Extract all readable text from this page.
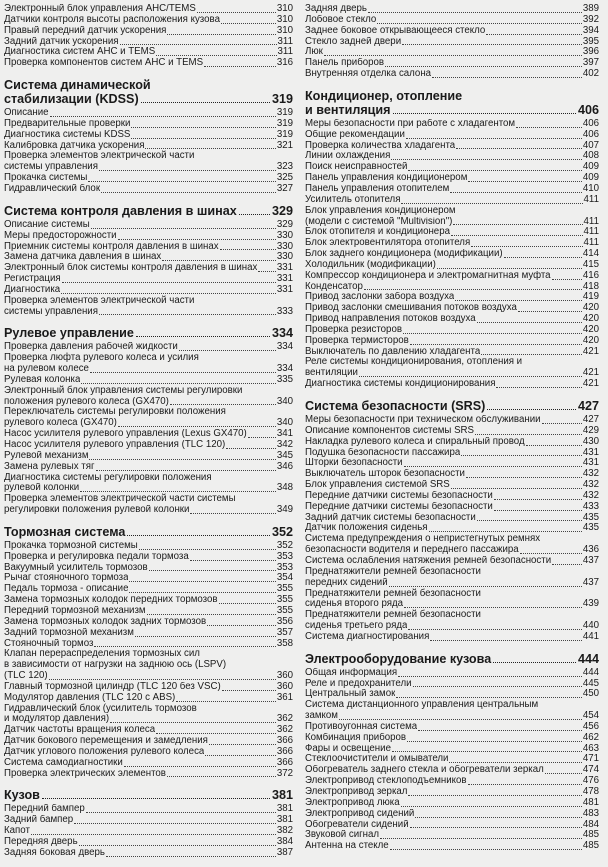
Электронный блок управления AHC/TEMS	310
Датчики контроля высоты расположения кузова	310
Правый передний датчик ускорения	310
Задний датчик ускорения	311
Диагностика систем AHC и TEMS	311
Проверка компонентов систем AHC и TEMS	316
Система динамической
стабилизации (KDSS)	319
Описание	319
Предварительные проверки	319
Диагностика системы KDSS	319
Калибровка датчика ускорения	321
Проверка элементов электрической части
системы управления	323
Прокачка системы	325
Гидравлический блок	327
Система контроля давления в шинах	329
Описание системы	329
Меры предосторожности	330
Приемник системы контроля давления в шинах	330
Замена датчика давления в шинах	330
Электронный блок системы контроля давления в шинах 331
Регистрация	331
Диагностика	331
Проверка элементов электрической части
системы управления	333
Рулевое управление	334
Проверка давления рабочей жидкости	334
Проверка люфта рулевого колеса и усилия
на рулевом колесе	334
Рулевая колонка	335
Электронный блок управления системы регулировки
положения рулевого колеса (GX470)	340
Переключатель системы регулировки положения
рулевого колеса (GX470)	340
Насос усилителя рулевого управления (Lexus GX470)	341
Насос усилителя рулевого управления (TLC 120)	342
Рулевой механизм	345
Замена рулевых тяг	346
Диагностика системы регулировки положения
рулевой колонки	348
Проверка элементов электрической части системы
регулировки положения рулевой колонки	349
Тормозная система	352
Прокачка тормозной системы	352
Проверка и регулировка педали тормоза	353
Вакуумный усилитель тормозов	353
Рычаг стояночного тормоза	354
Педаль тормоза - описание	355
Замена тормозных колодок передних тормозов	355
Передний тормозной механизм	355
Замена тормозных колодок задних тормозов	356
Задний тормозной механизм	357
Стояночный тормоз	358
Клапан перераспределения тормозных сил
в зависимости от нагрузки на заднюю ось (LSPV)
(TLC 120)	360
Главный тормозной цилиндр (TLC 120 без VSC)	360
Модулятор давления (TLC 120 с ABS)	361
Гидравлический блок (усилитель тормозов
и модулятор давления)	362
Датчик частоты вращения колеса	362
Датчик бокового перемещения и замедления	366
Датчик углового положения рулевого колеса	366
Система самодиагностики	366
Проверка электрических элементов	372
Кузов	381
Передний бампер	381
Задний бампер	381
Капот	382
Передняя дверь	384
Задняя боковая дверь	387
Задняя дверь	389
Лобовое стекло	392
Заднее боковое открывающееся стекло	394
Стекло задней двери	395
Люк	396
Панель приборов	397
Внутренняя отделка салона	402
Кондиционер, отопление
и вентиляция	406
Меры безопасности при работе с хладагентом	406
Общие рекомендации	406
Проверка количества хладагента	407
Линии охлаждения	408
Поиск неисправностей	409
Панель управления кондиционером	409
Панель управления отопителем	410
Усилитель отопителя	411
Блок управления кондиционером
(модели с системой "Multivision")	411
Блок отопителя и кондиционера	411
Блок электровентилятора отопителя	411
Блок заднего кондиционера (модификации)	414
Холодильник (модификации)	415
Компрессор кондиционера и электромагнитная муфта	416
Конденсатор	418
Привод заслонки забора воздуха	419
Привод заслонки смешивания потоков воздуха	420
Привод направления потоков воздуха	420
Проверка резисторов	420
Проверка термисторов	420
Выключатель по давлению хладагента	421
Реле системы кондиционирования, отопления и
вентиляции	421
Диагностика системы кондиционирования	421
Система безопасности (SRS)	427
Меры безопасности при техническом обслуживании	427
Описание компонентов системы SRS	429
Накладка рулевого колеса и спиральный провод	430
Подушка безопасности пассажира	431
Шторки безопасности	431
Выключатель шторок безопасности	432
Блок управления системой SRS	432
Передние датчики системы безопасности	432
Передние датчики системы безопасности	433
Задний датчик системы безопасности	435
Датчик положения сиденья	435
Система предупреждения о непристегнутых ремнях
безопасности водителя и переднего пассажира	436
Система ослабления натяжения ремней безопасности	437
Преднатяжители ремней безопасности
передних сидений	437
Преднатяжители ремней безопасности
сиденья второго ряда	439
Преднатяжители ремней безопасности
сиденья третьего ряда	440
Система диагностирования	441
Электрооборудование кузова	444
Общая информация	444
Реле и предохранители	445
Центральный замок	450
Система дистанционного управления центральным
замком	454
Противоугонная система	456
Комбинация приборов	462
Фары и освещение	463
Стеклоочистители и омыватели	471
Обогреватель заднего стекла и обогреватели зеркал	474
Электропривод стеклоподъемников	476
Электропривод зеркал	478
Электропривод люка	481
Электропривод сидений	483
Обогреватели сидений	484
Звуковой сигнал	485
Антенна на стекле	485
